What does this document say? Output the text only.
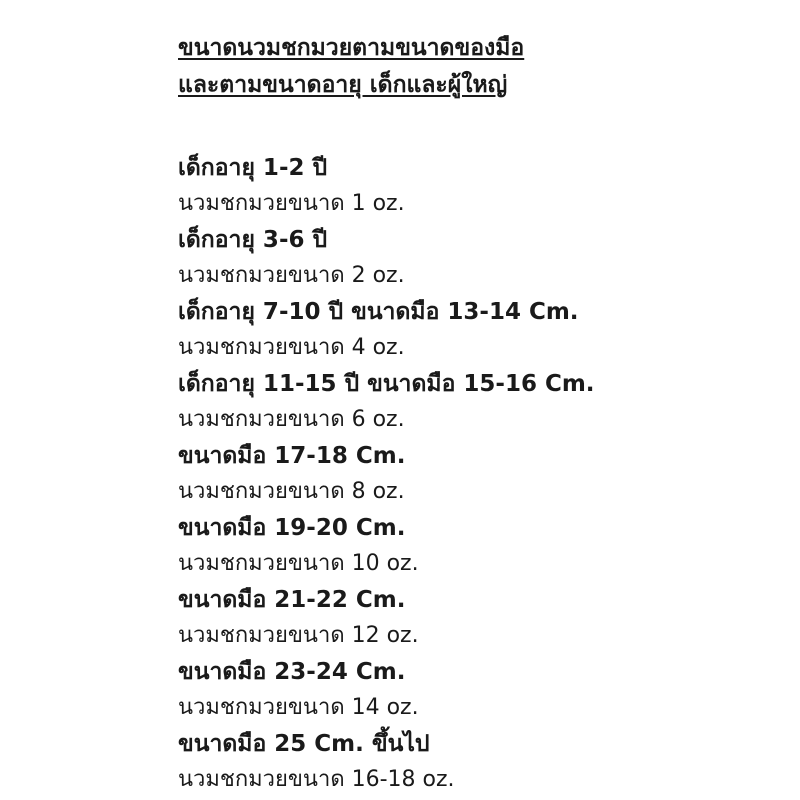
ขนาดนวมชกมวยตามขนาดของมือ
และตามขนาดอายุ เด็กและผู้ใหญ่
เด็กอายุ 1-2 ปี
นวมชกมวยขนาด 1 oz.
เด็กอายุ 3-6 ปี
นวมชกมวยขนาด 2 oz.
เด็กอายุ 7-10 ปี ขนาดมือ 13-14 Cm.
นวมชกมวยขนาด 4 oz.
เด็กอายุ 11-15 ปี ขนาดมือ 15-16 Cm.
นวมชกมวยขนาด 6 oz.
ขนาดมือ 17-18 Cm.
นวมชกมวยขนาด 8 oz.
ขนาดมือ 19-20 Cm.
นวมชกมวยขนาด 10 oz.
ขนาดมือ 21-22 Cm.
นวมชกมวยขนาด 12 oz.
ขนาดมือ 23-24 Cm.
นวมชกมวยขนาด 14 oz.
ขนาดมือ 25 Cm. ขึ้นไป
นวมชกมวยขนาด 16-18 oz.
